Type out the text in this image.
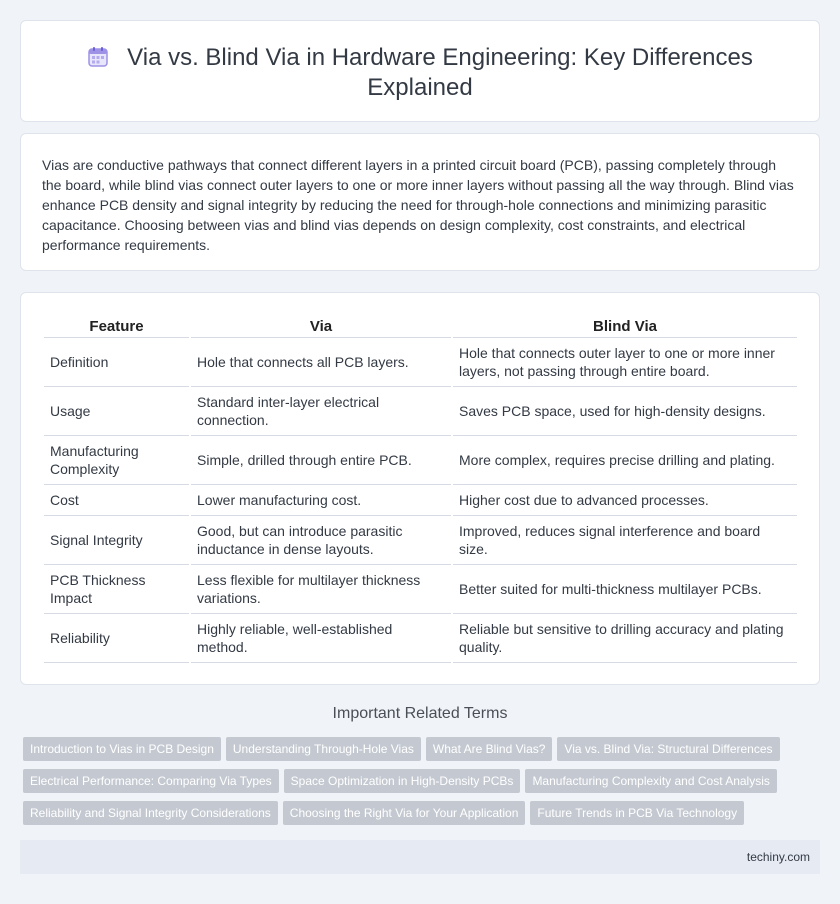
Via vs. Blind Via in Hardware Engineering: Key Differences Explained

Vias are conductive pathways that connect different layers in a printed circuit board (PCB), passing completely through the board, while blind vias connect outer layers to one or more inner layers without passing all the way through. Blind vias enhance PCB density and signal integrity by reducing the need for through-hole connections and minimizing parasitic capacitance. Choosing between vias and blind vias depends on design complexity, cost constraints, and electrical performance requirements.

Feature	Via	Blind Via
Definition	Hole that connects all PCB layers.	Hole that connects outer layer to one or more inner layers, not passing through entire board.
Usage	Standard inter-layer electrical connection.	Saves PCB space, used for high-density designs.
Manufacturing Complexity	Simple, drilled through entire PCB.	More complex, requires precise drilling and plating.
Cost	Lower manufacturing cost.	Higher cost due to advanced processes.
Signal Integrity	Good, but can introduce parasitic inductance in dense layouts.	Improved, reduces signal interference and board size.
PCB Thickness Impact	Less flexible for multilayer thickness variations.	Better suited for multi-thickness multilayer PCBs.
Reliability	Highly reliable, well-established method.	Reliable but sensitive to drilling accuracy and plating quality.
Important Related Terms
Introduction to Vias in PCB Design Understanding Through-Hole Vias What Are Blind Vias? Via vs. Blind Via: Structural Differences
Electrical Performance: Comparing Via Types Space Optimization in High-Density PCBs Manufacturing Complexity and Cost Analysis
Reliability and Signal Integrity Considerations Choosing the Right Via for Your Application Future Trends in PCB Via Technology
techiny.com
